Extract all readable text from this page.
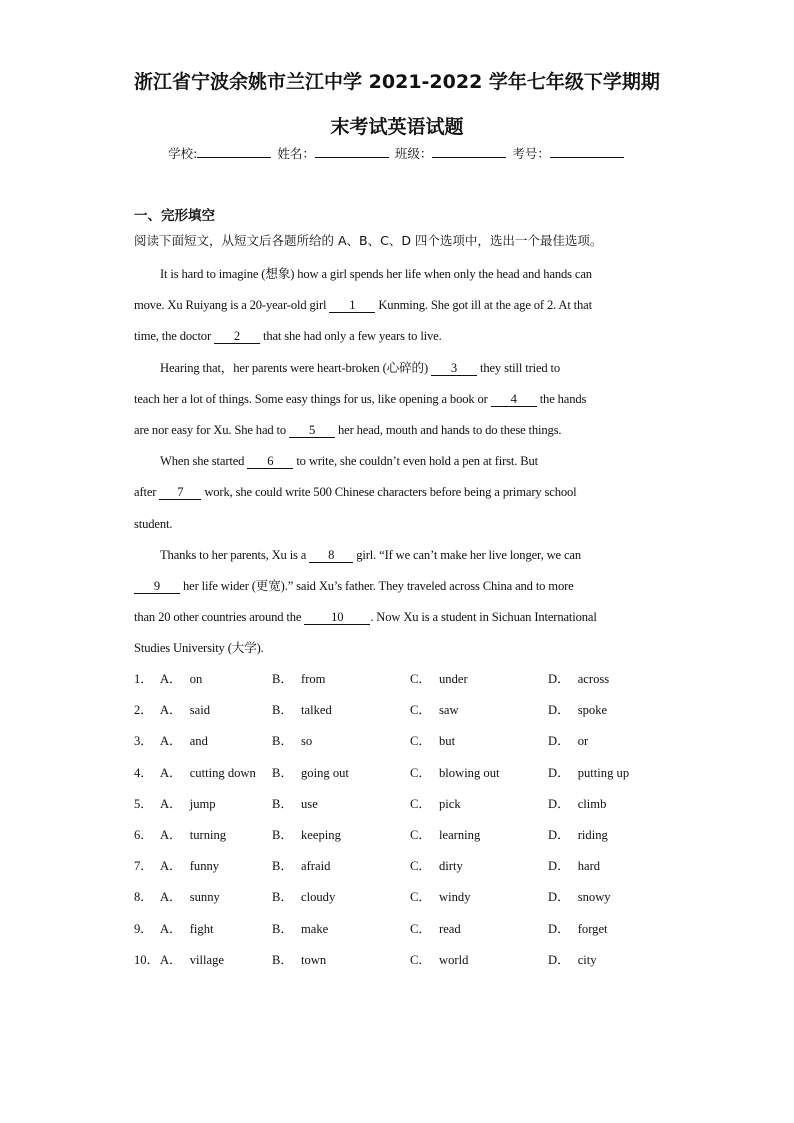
浙江省宁波余姚市兰江中学 2021-2022 学年七年级下学期期
末考试英语试题
学校:	姓名：	班级：	考号：
一、完形填空
阅读下面短文，从短文后各题所给的 A、B、C、D 四个选项中，选出一个最佳选项。
It is hard to imagine (想象) how a girl spends her life when only the head and hands can
move. Xu Ruiyang is a 20-year-old girl 1 Kunming. She got ill at the age of 2. At that
time, the doctor 2 that she had only a few years to live.
Hearing that，her parents were heart-broken (心碎的) 3 they still tried to
teach her a lot of things. Some easy things for us, like opening a book or 4 the hands
are nor easy for Xu. She had to 5 her head, mouth and hands to do these things.
When she started 6 to write, she couldn’t even hold a pen at first. But
after 7 work, she could write 500 Chinese characters before being a primary school
student.
Thanks to her parents, Xu is a 8 girl. “If we can’t make her live longer, we can
9 her life wider (更宽).” said Xu’s father. They traveled across China and to more
than 20 other countries around the 10 . Now Xu is a student in Sichuan International
Studies University (大学).
1． A． on	B． from	C． under	D． across
2． A． said	B． talked	C． saw	D． spoke
3． A． and	B． so	C． but	D． or
4． A． cutting down B． going out	C． blowing out	D． putting up
5． A． jump	B． use	C． pick	D． climb
6． A． turning	B． keeping	C． learning	D． riding
7． A． funny	B． afraid	C． dirty	D． hard
8． A． sunny	B． cloudy	C． windy	D． snowy
9． A． fight	B． make	C． read	D． forget
10． A． village	B． town	C． world	D． city
